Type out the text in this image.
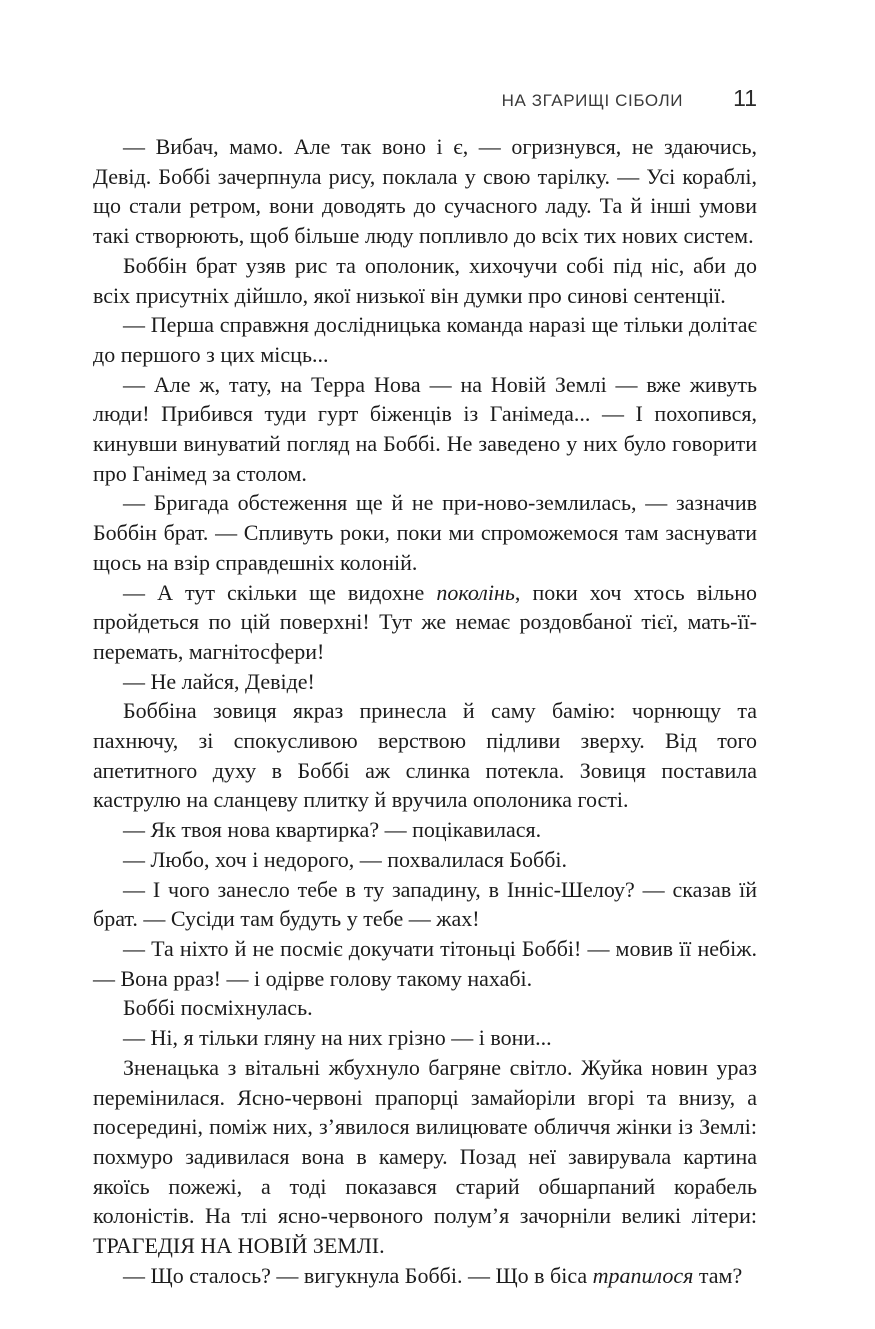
НА ЗГАРИЩІ СІБОЛИ 11

— Вибач, мамо. Але так воно і є, — огризнувся, не здаючись, Девід. Боббі зачерпнула рису, поклала у свою тарілку. — Усі кораблі, що стали ретром, вони доводять до сучасного ладу. Та й інші умови такі створюють, щоб більше люду попливло до всіх тих нових систем.

Боббін брат узяв рис та ополоник, хихочучи собі під ніс, аби до всіх присутніх дійшло, якої низької він думки про синові сентенції.

— Перша справжня дослідницька команда наразі ще тільки долітає до першого з цих місць...

— Але ж, тату, на Терра Нова — на Новій Землі — вже живуть люди! Прибився туди гурт біженців із Ганімеда... — І похопився, кинувши винуватий погляд на Боббі. Не заведено у них було говорити про Ганімед за столом.

— Бригада обстеження ще й не при-ново-землилась, — зазначив Боббін брат. — Спливуть роки, поки ми спроможемося там заснувати щось на взір справдешніх колоній.

— А тут скільки ще видохне поколінь, поки хоч хтось вільно пройдеться по цій поверхні! Тут же немає роздовбаної тієї, мать-її-перемать, магнітосфери!

— Не лайся, Девіде!

Боббіна зовиця якраз принесла й саму бамію: чорнющу та пахнючу, зі спокусливою верствою підливи зверху. Від того апетитного духу в Боббі аж слинка потекла. Зовиця поставила каструлю на сланцеву плитку й вручила ополоника гості.

— Як твоя нова квартирка? — поцікавилася.

— Любо, хоч і недорого, — похвалилася Боббі.

— І чого занесло тебе в ту западину, в Інніс-Шелоу? — сказав їй брат. — Сусіди там будуть у тебе — жах!

— Та ніхто й не посміє докучати тітоньці Боббі! — мовив її небіж. — Вона рраз! — і одірве голову такому нахабі.

Боббі посміхнулась.

— Ні, я тільки гляну на них грізно — і вони...

Зненацька з вітальні жбухнуло багряне світло. Жуйка новин ураз перемінилася. Ясно-червоні прапорці замайоріли вгорі та внизу, а посередині, поміж них, з’явилося вилицювате обличчя жінки із Землі: похмуро задивилася вона в камеру. Позад неї завирувала картина якоїсь пожежі, а тоді показався старий обшарпаний корабель колоністів. На тлі ясно-червоного полум’я зачорніли великі літери: ТРАГЕДІЯ НА НОВІЙ ЗЕМЛІ.

— Що сталось? — вигукнула Боббі. — Що в біса трапилося там?
